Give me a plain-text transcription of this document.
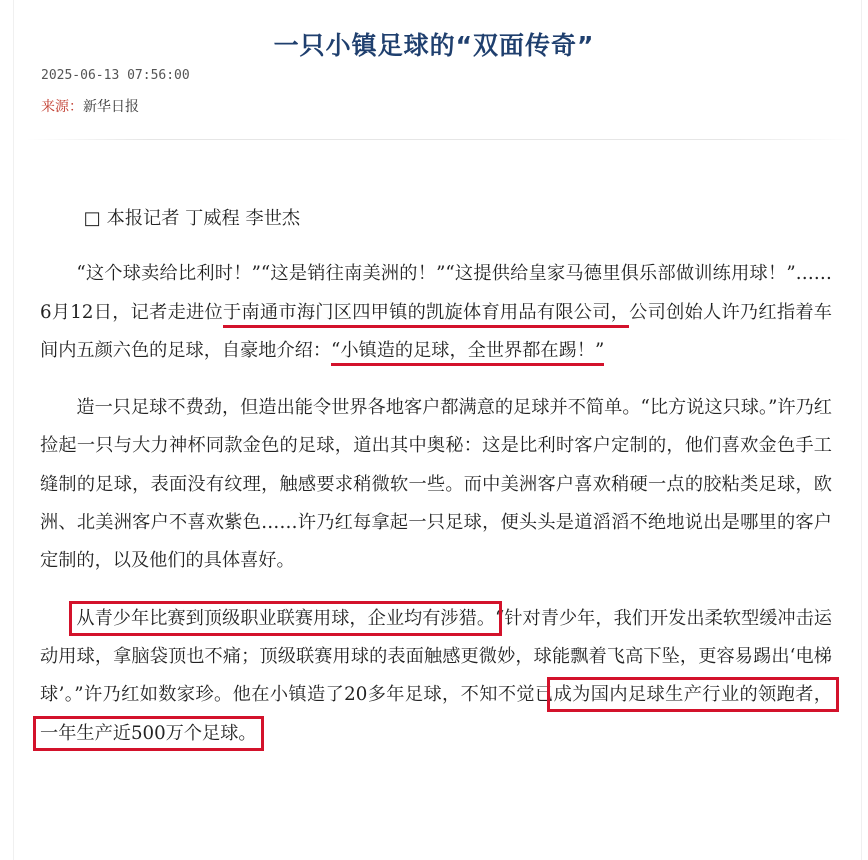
一只小镇足球的“双面传奇”
2025-06-13 07:56:00
来源：新华日报

□ 本报记者 丁威程 李世杰

“这个球卖给比利时！”“这是销往南美洲的！”“这提供给皇家马德里俱乐部做训练用球！”……6月12日，记者走进位于南通市海门区四甲镇的凯旋体育用品有限公司，公司创始人许乃红指着车间内五颜六色的足球，自豪地介绍：“小镇造的足球，全世界都在踢！”

造一只足球不费劲，但造出能令世界各地客户都满意的足球并不简单。“比方说这只球。”许乃红捡起一只与大力神杯同款金色的足球，道出其中奥秘：这是比利时客户定制的，他们喜欢金色手工缝制的足球，表面没有纹理，触感要求稍微软一些。而中美洲客户喜欢稍硬一点的胶粘类足球，欧洲、北美洲客户不喜欢紫色……许乃红每拿起一只足球，便头头是道滔滔不绝地说出是哪里的客户定制的，以及他们的具体喜好。

从青少年比赛到顶级职业联赛用球，企业均有涉猎。“针对青少年，我们开发出柔软型缓冲击运动用球，拿脑袋顶也不痛；顶级联赛用球的表面触感更微妙，球能飘着飞高下坠，更容易踢出‘电梯球’。”许乃红如数家珍。他在小镇造了20多年足球，不知不觉已成为国内足球生产行业的领跑者，一年生产近500万个足球。
